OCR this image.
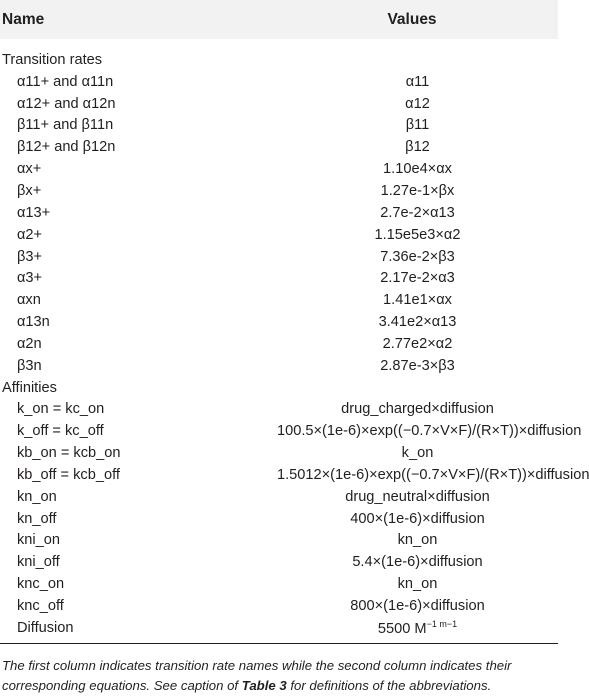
Name	Values
Transition rates
α11+ and α11n	α11
α12+ and α12n	α12
β11+ and β11n	β11
β12+ and β12n	β12
αx+	1.10e4×αx
βx+	1.27e-1×βx
α13+	2.7e-2×α13
α2+	1.15e5e3×α2
β3+	7.36e-2×β3
α3+	2.17e-2×α3
αxn	1.41e1×αx
α13n	3.41e2×α13
α2n	2.77e2×α2
β3n	2.87e-3×β3
Affinities
k_on = kc_on	drug_charged×diffusion
k_off = kc_off	100.5×(1e-6)×exp((−0.7×V×F)/(R×T))×diffusion
kb_on = kcb_on	k_on
kb_off = kcb_off	1.5012×(1e-6)×exp((−0.7×V×F)/(R×T))×diffusion
kn_on	drug_neutral×diffusion
kn_off	400×(1e-6)×diffusion
kni_on	kn_on
kni_off	5.4×(1e-6)×diffusion
knc_on	kn_on
knc_off	800×(1e-6)×diffusion
Diffusion	5500 $M^{-1 m-1}$
The first column indicates transition rate names while the second column indicates their corresponding equations. See caption of Table 3 for definitions of the abbreviations.
